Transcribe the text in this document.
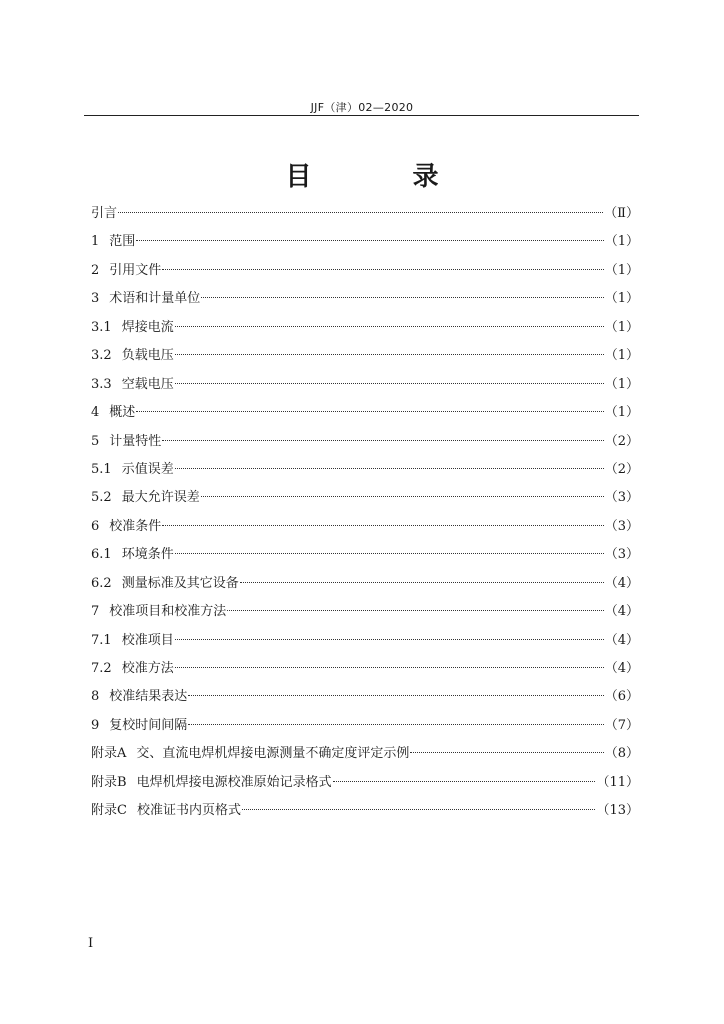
JJF（津）02—2020
目 录
引言	（Ⅱ）
1 范围	（1）
2 引用文件	（1）
3 术语和计量单位	（1）
3.1 焊接电流	（1）
3.2 负载电压	（1）
3.3 空载电压	（1）
4 概述	（1）
5 计量特性	（2）
5.1 示值误差	（2）
5.2 最大允许误差	（3）
6 校准条件	（3）
6.1 环境条件	（3）
6.2 测量标准及其它设备	（4）
7 校准项目和校准方法	（4）
7.1 校准项目	（4）
7.2 校准方法	（4）
8 校准结果表达	（6）
9 复校时间间隔	（7）
附录A 交、直流电焊机焊接电源测量不确定度评定示例	（8）
附录B 电焊机焊接电源校准原始记录格式	（11）
附录C 校准证书内页格式	（13）
I
